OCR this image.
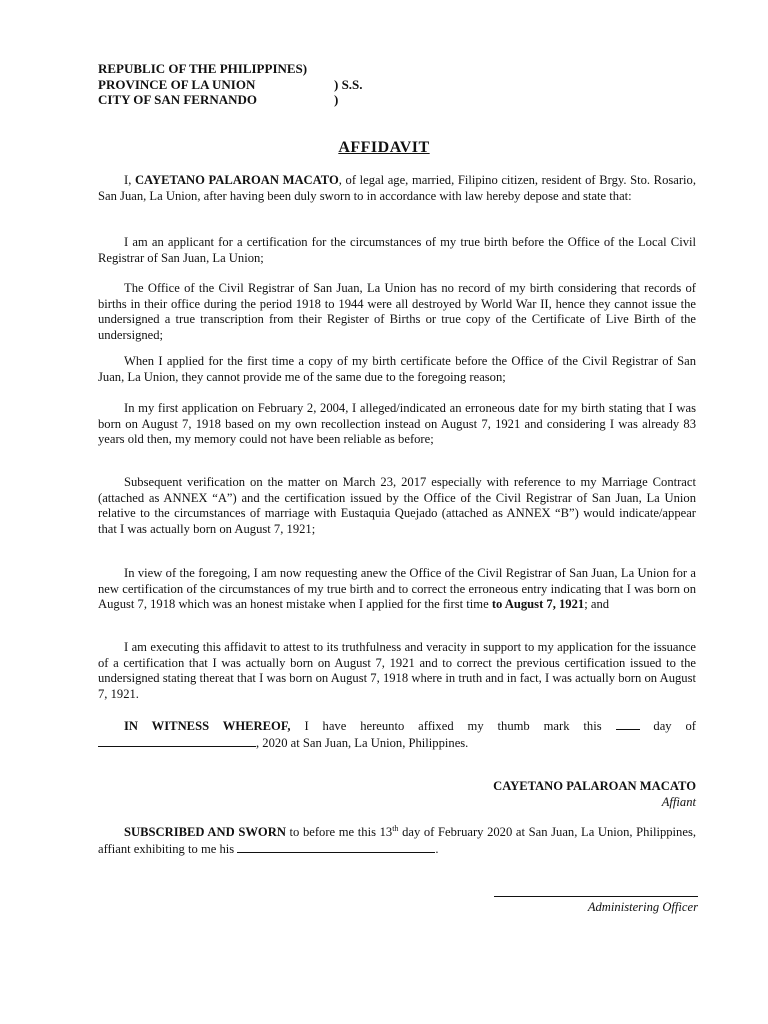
REPUBLIC OF THE PHILIPPINES)
PROVINCE OF LA UNION	) S.S.
CITY OF SAN FERNANDO	)
AFFIDAVIT

I, CAYETANO PALAROAN MACATO, of legal age, married, Filipino citizen, resident of Brgy. Sto. Rosario, San Juan, La Union, after having been duly sworn to in accordance with law hereby depose and state that:

I am an applicant for a certification for the circumstances of my true birth before the Office of the Local Civil Registrar of San Juan, La Union;

The Office of the Civil Registrar of San Juan, La Union has no record of my birth considering that records of births in their office during the period 1918 to 1944 were all destroyed by World War II, hence they cannot issue the undersigned a true transcription from their Register of Births or true copy of the Certificate of Live Birth of the undersigned;

When I applied for the first time a copy of my birth certificate before the Office of the Civil Registrar of San Juan, La Union, they cannot provide me of the same due to the foregoing reason;

In my first application on February 2, 2004, I alleged/indicated an erroneous date for my birth stating that I was born on August 7, 1918 based on my own recollection instead on August 7, 1921 and considering I was already 83 years old then, my memory could not have been reliable as before;

Subsequent verification on the matter on March 23, 2017 especially with reference to my Marriage Contract (attached as ANNEX “A”) and the certification issued by the Office of the Civil Registrar of San Juan, La Union relative to the circumstances of marriage with Eustaquia Quejado (attached as ANNEX “B”) would indicate/appear that I was actually born on August 7, 1921;

In view of the foregoing, I am now requesting anew the Office of the Civil Registrar of San Juan, La Union for a new certification of the circumstances of my true birth and to correct the erroneous entry indicating that I was born on August 7, 1918 which was an honest mistake when I applied for the first time to August 7, 1921; and

I am executing this affidavit to attest to its truthfulness and veracity in support to my application for the issuance of a certification that I was actually born on August 7, 1921 and to correct the previous certification issued to the undersigned stating thereat that I was born on August 7, 1918 where in truth and in fact, I was actually born on August 7, 1921.

IN WITNESS WHEREOF, I have hereunto affixed my thumb mark this  day of , 2020 at San Juan, La Union, Philippines.

CAYETANO PALAROAN MACATO
Affiant

SUBSCRIBED AND SWORN to before me this 13th day of February 2020 at San Juan, La Union, Philippines, affiant exhibiting to me his	.

Administering Officer
